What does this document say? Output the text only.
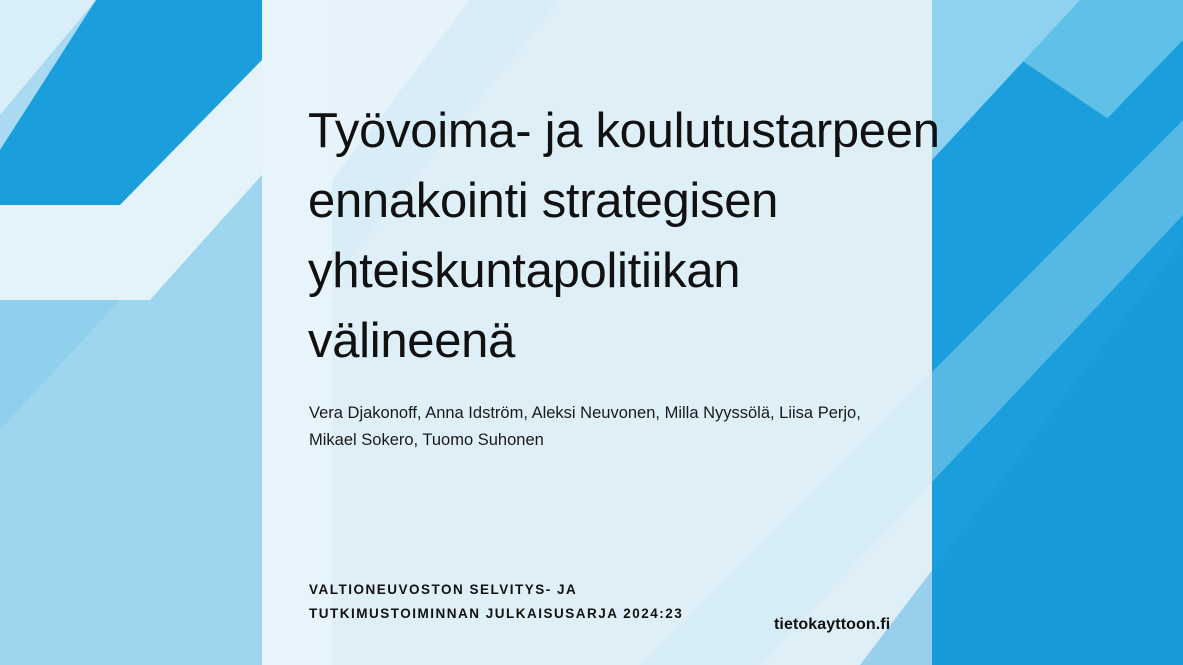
Työvoima- ja koulutustarpeen
ennakointi strategisen
yhteiskuntapolitiikan
välineenä
Vera Djakonoff, Anna Idström, Aleksi Neuvonen, Milla Nyyssölä, Liisa Perjo,
Mikael Sokero, Tuomo Suhonen
VALTIONEUVOSTON SELVITYS- JA
TUTKIMUSTOIMINNAN JULKAISUSARJA 2024:23
tietokayttoon.fi
